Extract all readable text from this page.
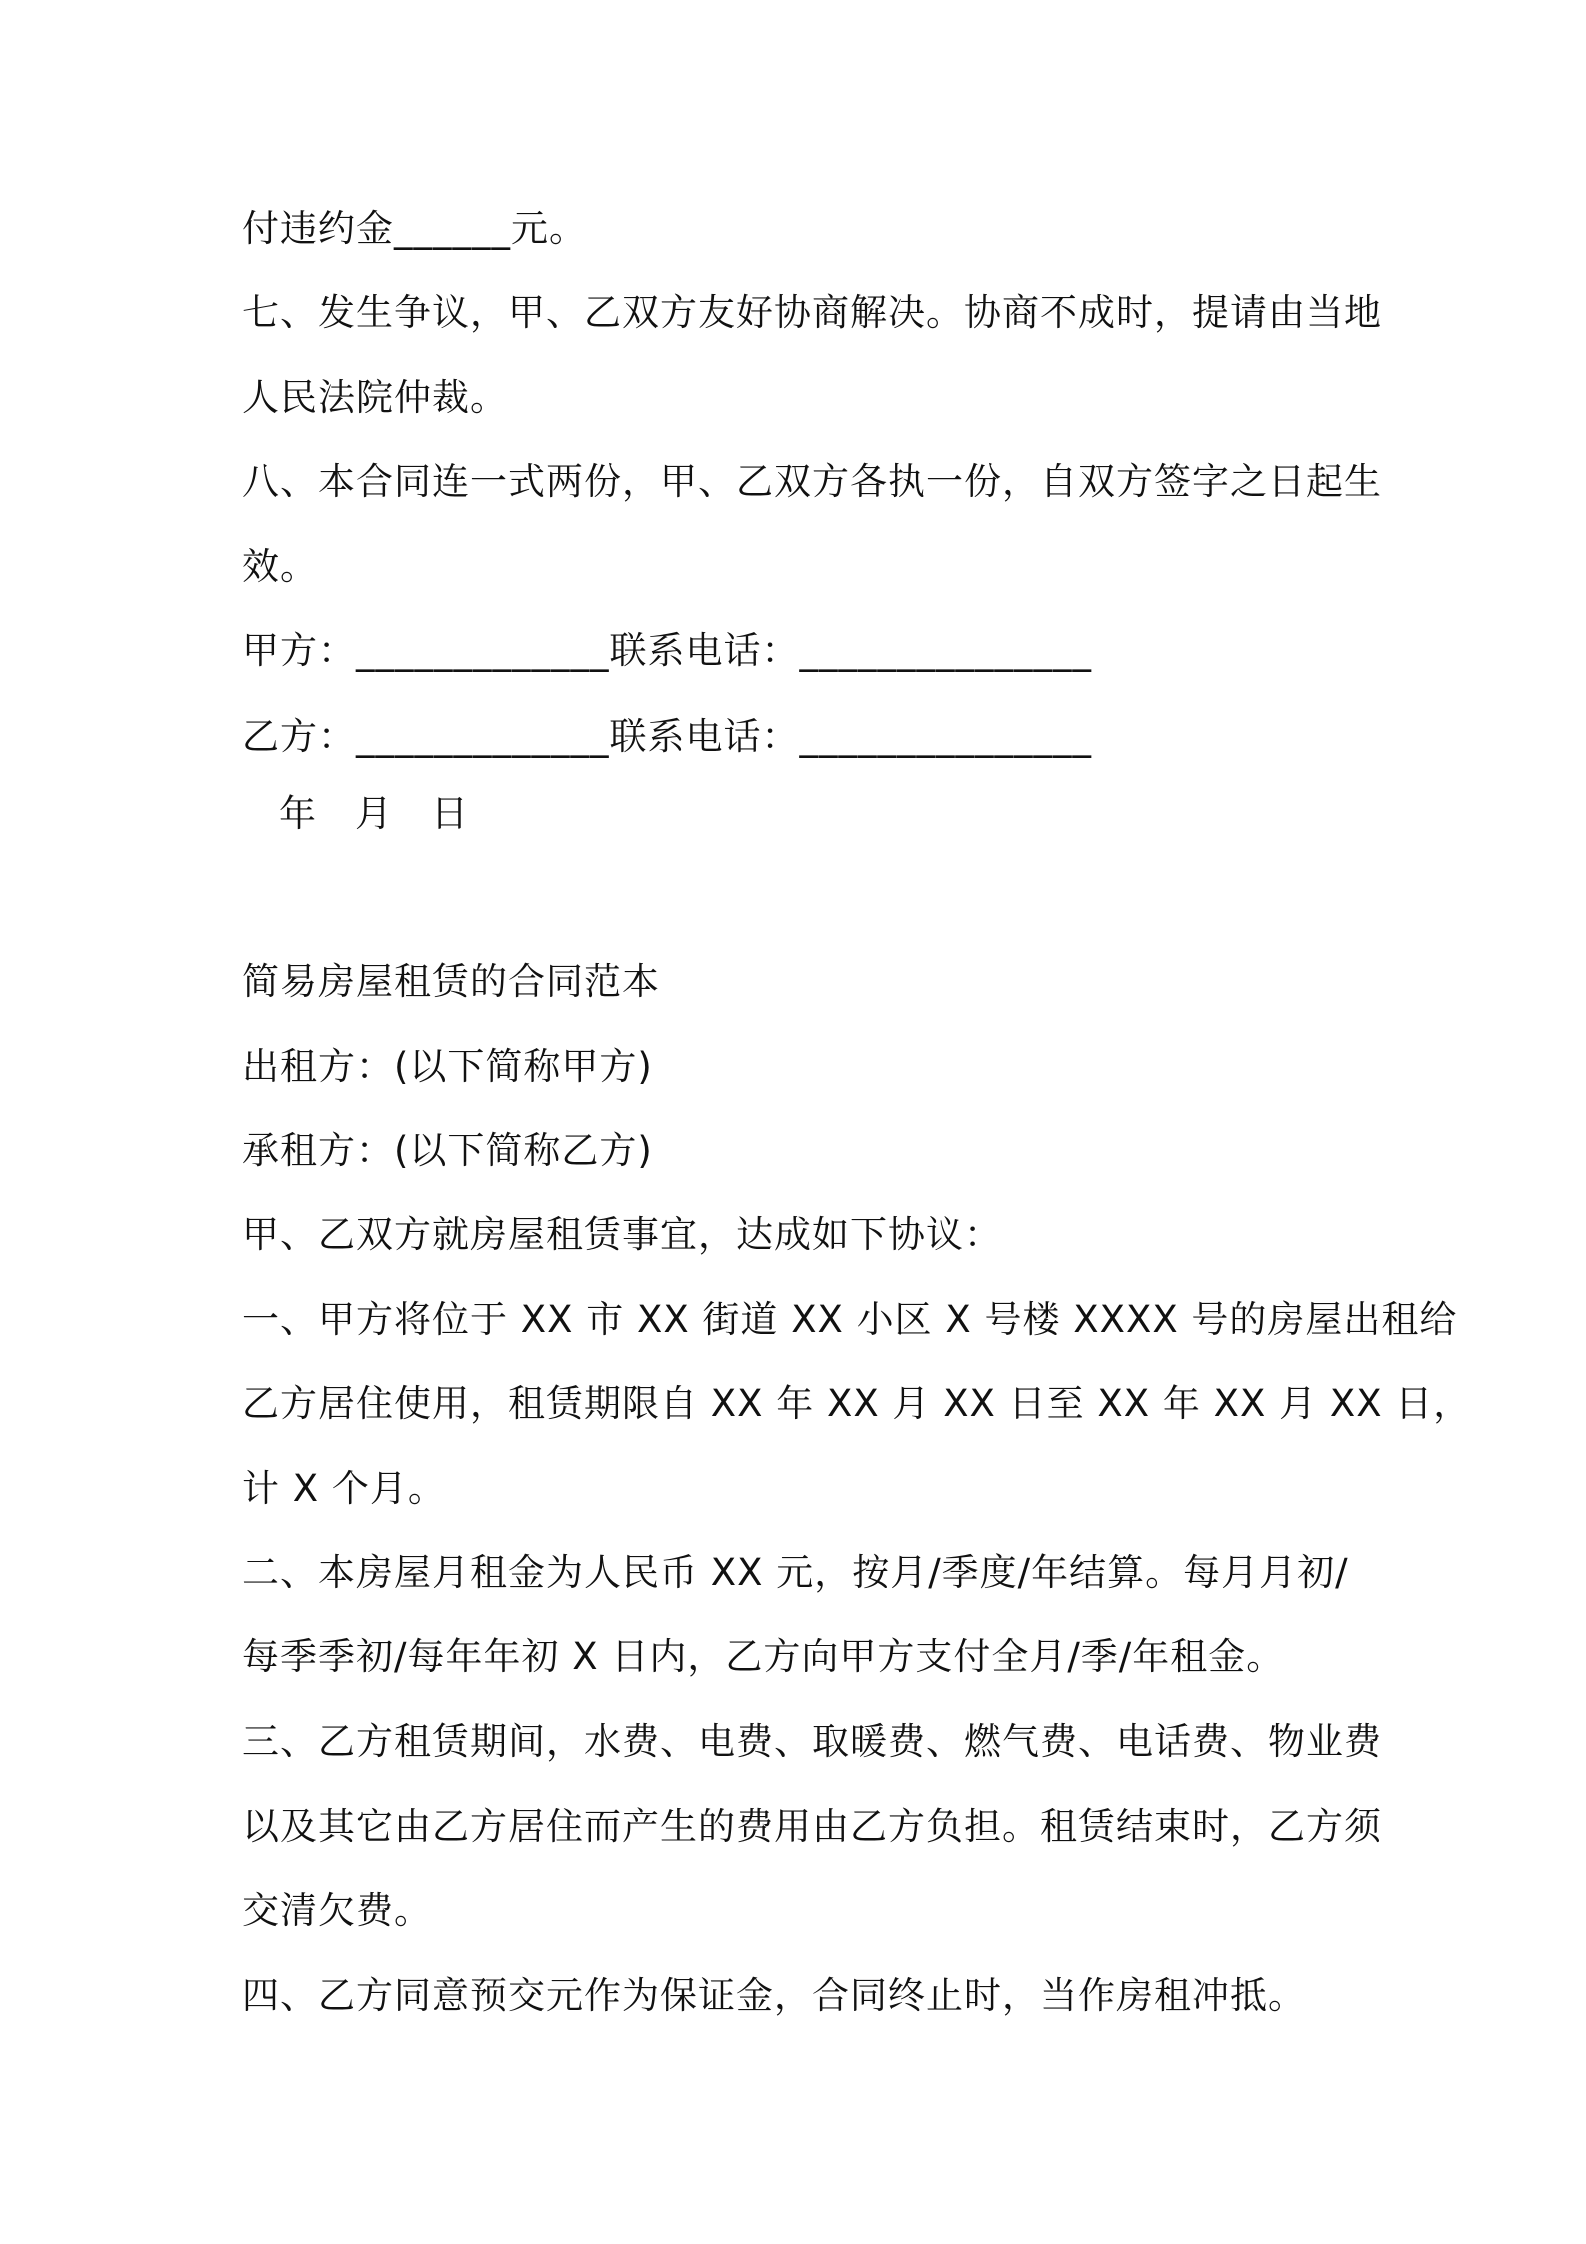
付违约金______元。
七、发生争议，甲、乙双方友好协商解决。协商不成时，提请由当地
人民法院仲裁。
八、本合同连一式两份，甲、乙双方各执一份，自双方签字之日起生
效。
甲方：_____________联系电话：_______________
乙方：_____________联系电话：_______________
年 月 日
简易房屋租赁的合同范本
出租方：(以下简称甲方)
承租方：(以下简称乙方)
甲、乙双方就房屋租赁事宜，达成如下协议：
一、甲方将位于 XX 市 XX 街道 XX 小区 X 号楼 XXXX 号的房屋出租给
乙方居住使用，租赁期限自 XX 年 XX 月 XX 日至 XX 年 XX 月 XX 日，
计 X 个月。
二、本房屋月租金为人民币 XX 元，按月/季度/年结算。每月月初/
每季季初/每年年初 X 日内，乙方向甲方支付全月/季/年租金。
三、乙方租赁期间，水费、电费、取暖费、燃气费、电话费、物业费
以及其它由乙方居住而产生的费用由乙方负担。租赁结束时，乙方须
交清欠费。
四、乙方同意预交元作为保证金，合同终止时，当作房租冲抵。
